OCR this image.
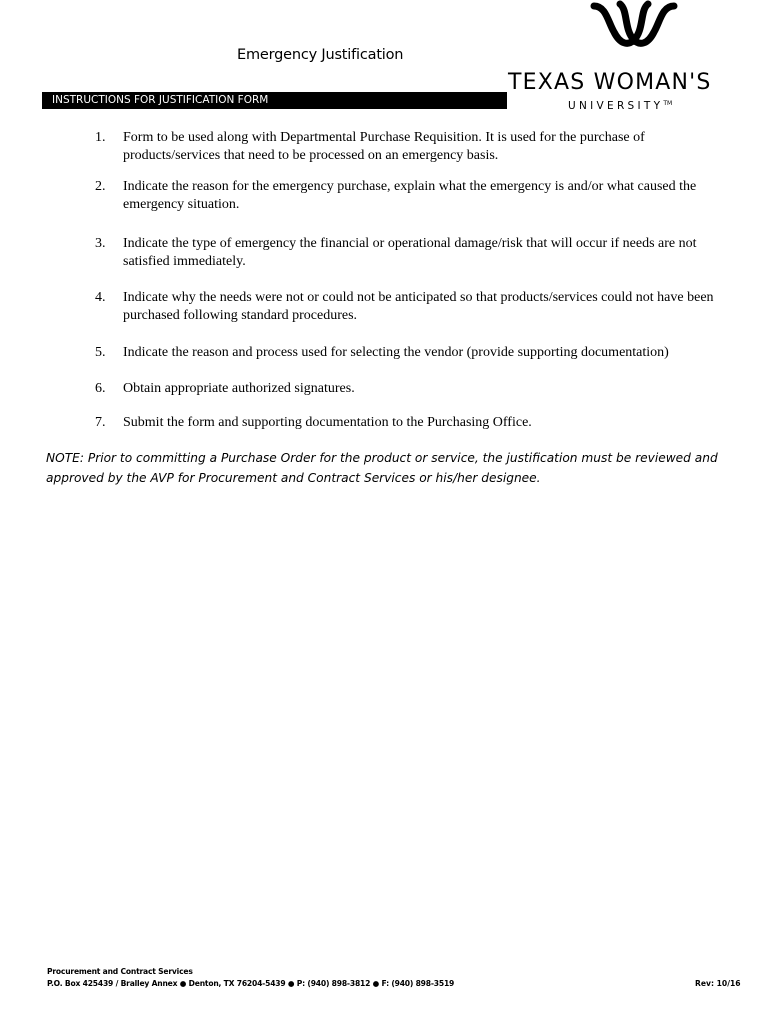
Emergency Justification
TEXAS WOMAN'S
UNIVERSITY™
INSTRUCTIONS FOR JUSTIFICATION FORM
1. Form to be used along with Departmental Purchase Requisition. It is used for the purchase of products/services that need to be processed on an emergency basis.
2. Indicate the reason for the emergency purchase, explain what the emergency is and/or what caused the emergency situation.
3. Indicate the type of emergency the financial or operational damage/risk that will occur if needs are not satisfied immediately.
4. Indicate why the needs were not or could not be anticipated so that products/services could not have been purchased following standard procedures.
5. Indicate the reason and process used for selecting the vendor (provide supporting documentation)
6. Obtain appropriate authorized signatures.
7. Submit the form and supporting documentation to the Purchasing Office.
NOTE: Prior to committing a Purchase Order for the product or service, the justification must be reviewed and approved by the AVP for Procurement and Contract Services or his/her designee.
Procurement and Contract Services
P.O. Box 425439 / Bralley Annex ● Denton, TX 76204-5439 ● P: (940) 898-3812 ● F: (940) 898-3519	Rev: 10/16
